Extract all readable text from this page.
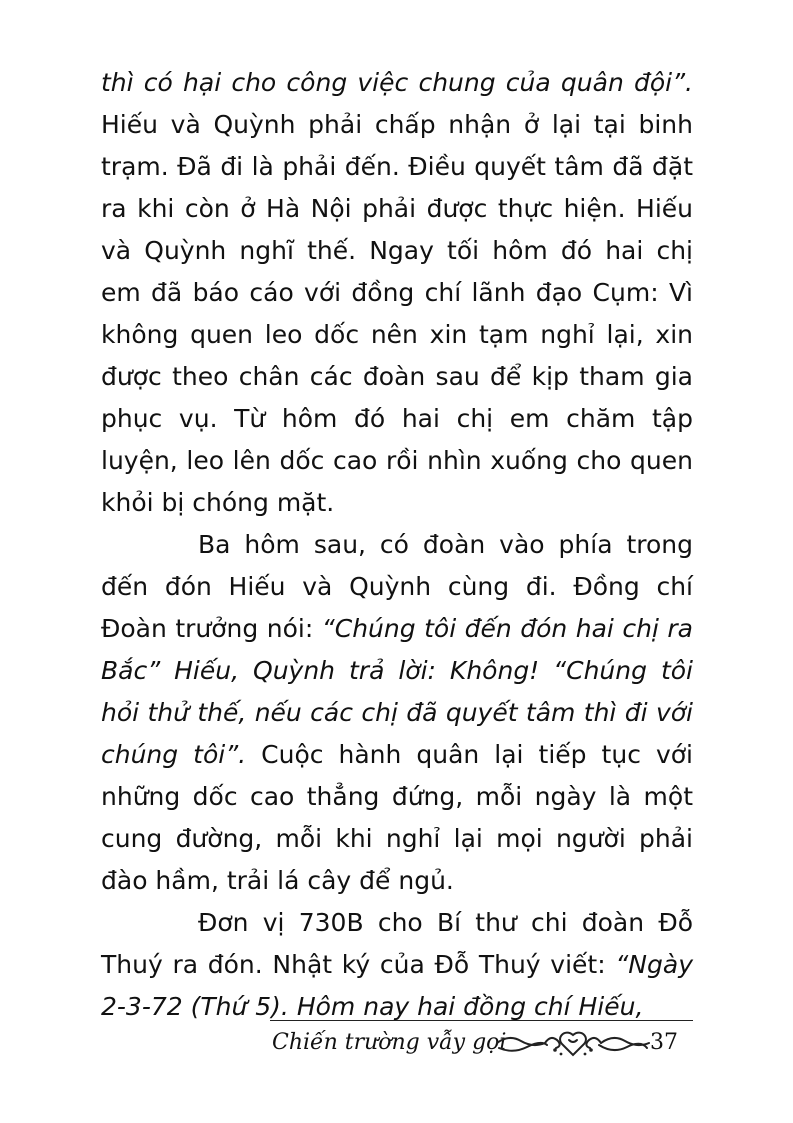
thì có hại cho công việc chung của quân đội”. Hiếu và Quỳnh phải chấp nhận ở lại tại binh trạm. Đã đi là phải đến. Điều quyết tâm đã đặt ra khi còn ở Hà Nội phải được thực hiện. Hiếu và Quỳnh nghĩ thế. Ngay tối hôm đó hai chị em đã báo cáo với đồng chí lãnh đạo Cụm: Vì không quen leo dốc nên xin tạm nghỉ lại, xin được theo chân các đoàn sau để kịp tham gia phục vụ. Từ hôm đó hai chị em chăm tập luyện, leo lên dốc cao rồi nhìn xuống cho quen khỏi bị chóng mặt.

Ba hôm sau, có đoàn vào phía trong đến đón Hiếu và Quỳnh cùng đi. Đồng chí Đoàn trưởng nói: “Chúng tôi đến đón hai chị ra Bắc” Hiếu, Quỳnh trả lời: Không! “Chúng tôi hỏi thử thế, nếu các chị đã quyết tâm thì đi với chúng tôi”. Cuộc hành quân lại tiếp tục với những dốc cao thẳng đứng, mỗi ngày là một cung đường, mỗi khi nghỉ lại mọi người phải đào hầm, trải lá cây để ngủ.

Đơn vị 730B cho Bí thư chi đoàn Đỗ Thuý ra đón. Nhật ký của Đỗ Thuý viết: “Ngày 2-3-72 (Thứ 5). Hôm nay hai đồng chí Hiếu,

Chiến trường vẫy gọi	37
